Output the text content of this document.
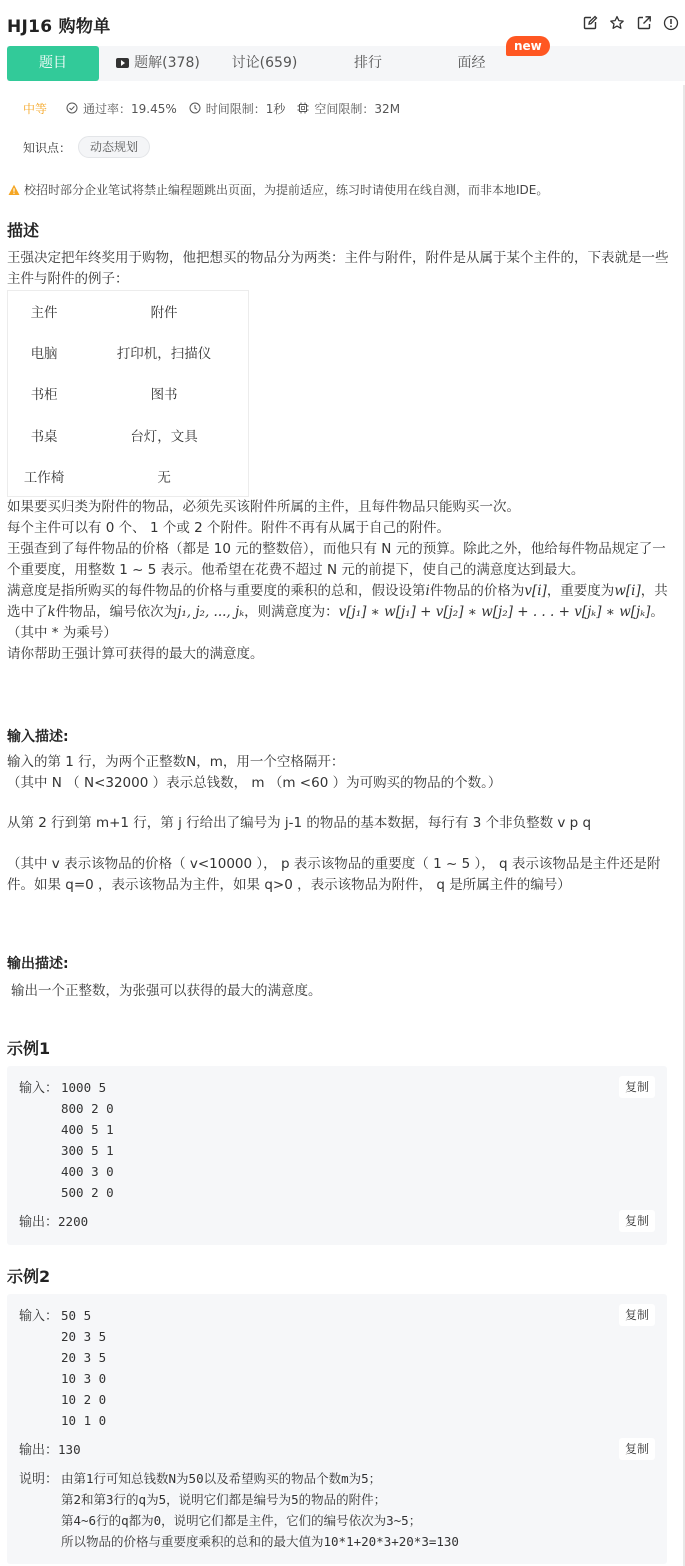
HJ16 购物单
题目	题解(378)	讨论(659)	排行	面经
new
中等	通过率：19.45% 时间限制：1秒 空间限制：32M
知识点：	动态规划
校招时部分企业笔试将禁止编程题跳出页面，为提前适应，练习时请使用在线自测，而非本地IDE。
描述
王强决定把年终奖用于购物，他把想买的物品分为两类：主件与附件，附件是从属于某个主件的，下表就是一些主件与附件的例子：
主件	附件
电脑	打印机，扫描仪
书柜	图书
书桌	台灯，文具
工作椅	无
如果要买归类为附件的物品，必须先买该附件所属的主件，且每件物品只能购买一次。
每个主件可以有 0 个、 1 个或 2 个附件。附件不再有从属于自己的附件。
王强查到了每件物品的价格（都是 10 元的整数倍），而他只有 N 元的预算。除此之外，他给每件物品规定了一个重要度，用整数 1 ~ 5 表示。他希望在花费不超过 N 元的前提下，使自己的满意度达到最大。
满意度是指所购买的每件物品的价格与重要度的乘积的总和，假设设第i件物品的价格为v[i]，重要度为w[i]，共选中了k件物品，编号依次为j₁, j₂, ..., jₖ，则满意度为：v[j₁] ∗ w[j₁] + v[j₂] ∗ w[j₂] + . . . + v[jₖ] ∗ w[jₖ]。（其中 * 为乘号）
请你帮助王强计算可获得的最大的满意度。
输入描述:
输入的第 1 行，为两个正整数N，m，用一个空格隔开：
（其中 N （ N<32000 ）表示总钱数， m （m <60 ）为可购买的物品的个数。）
从第 2 行到第 m+1 行，第 j 行给出了编号为 j-1 的物品的基本数据，每行有 3 个非负整数 v p q
（其中 v 表示该物品的价格（ v<10000 ）， p 表示该物品的重要度（ 1 ~ 5 ）， q 表示该物品是主件还是附件。如果 q=0 ，表示该物品为主件，如果 q>0 ，表示该物品为附件， q 是所属主件的编号）
输出描述:
输出一个正整数，为张强可以获得的最大的满意度。
示例1
输入： 1000 5
800 2 0
400 5 1
300 5 1
400 3 0
500 2 0
复制
输出：2200	复制
示例2
输入： 50 5
20 3 5
20 3 5
10 3 0
10 2 0
10 1 0
复制
输出：130	复制
说明： 由第1行可知总钱数N为50以及希望购买的物品个数m为5；
第2和第3行的q为5，说明它们都是编号为5的物品的附件；
第4~6行的q都为0，说明它们都是主件，它们的编号依次为3~5；
所以物品的价格与重要度乘积的总和的最大值为10*1+20*3+20*3=130
